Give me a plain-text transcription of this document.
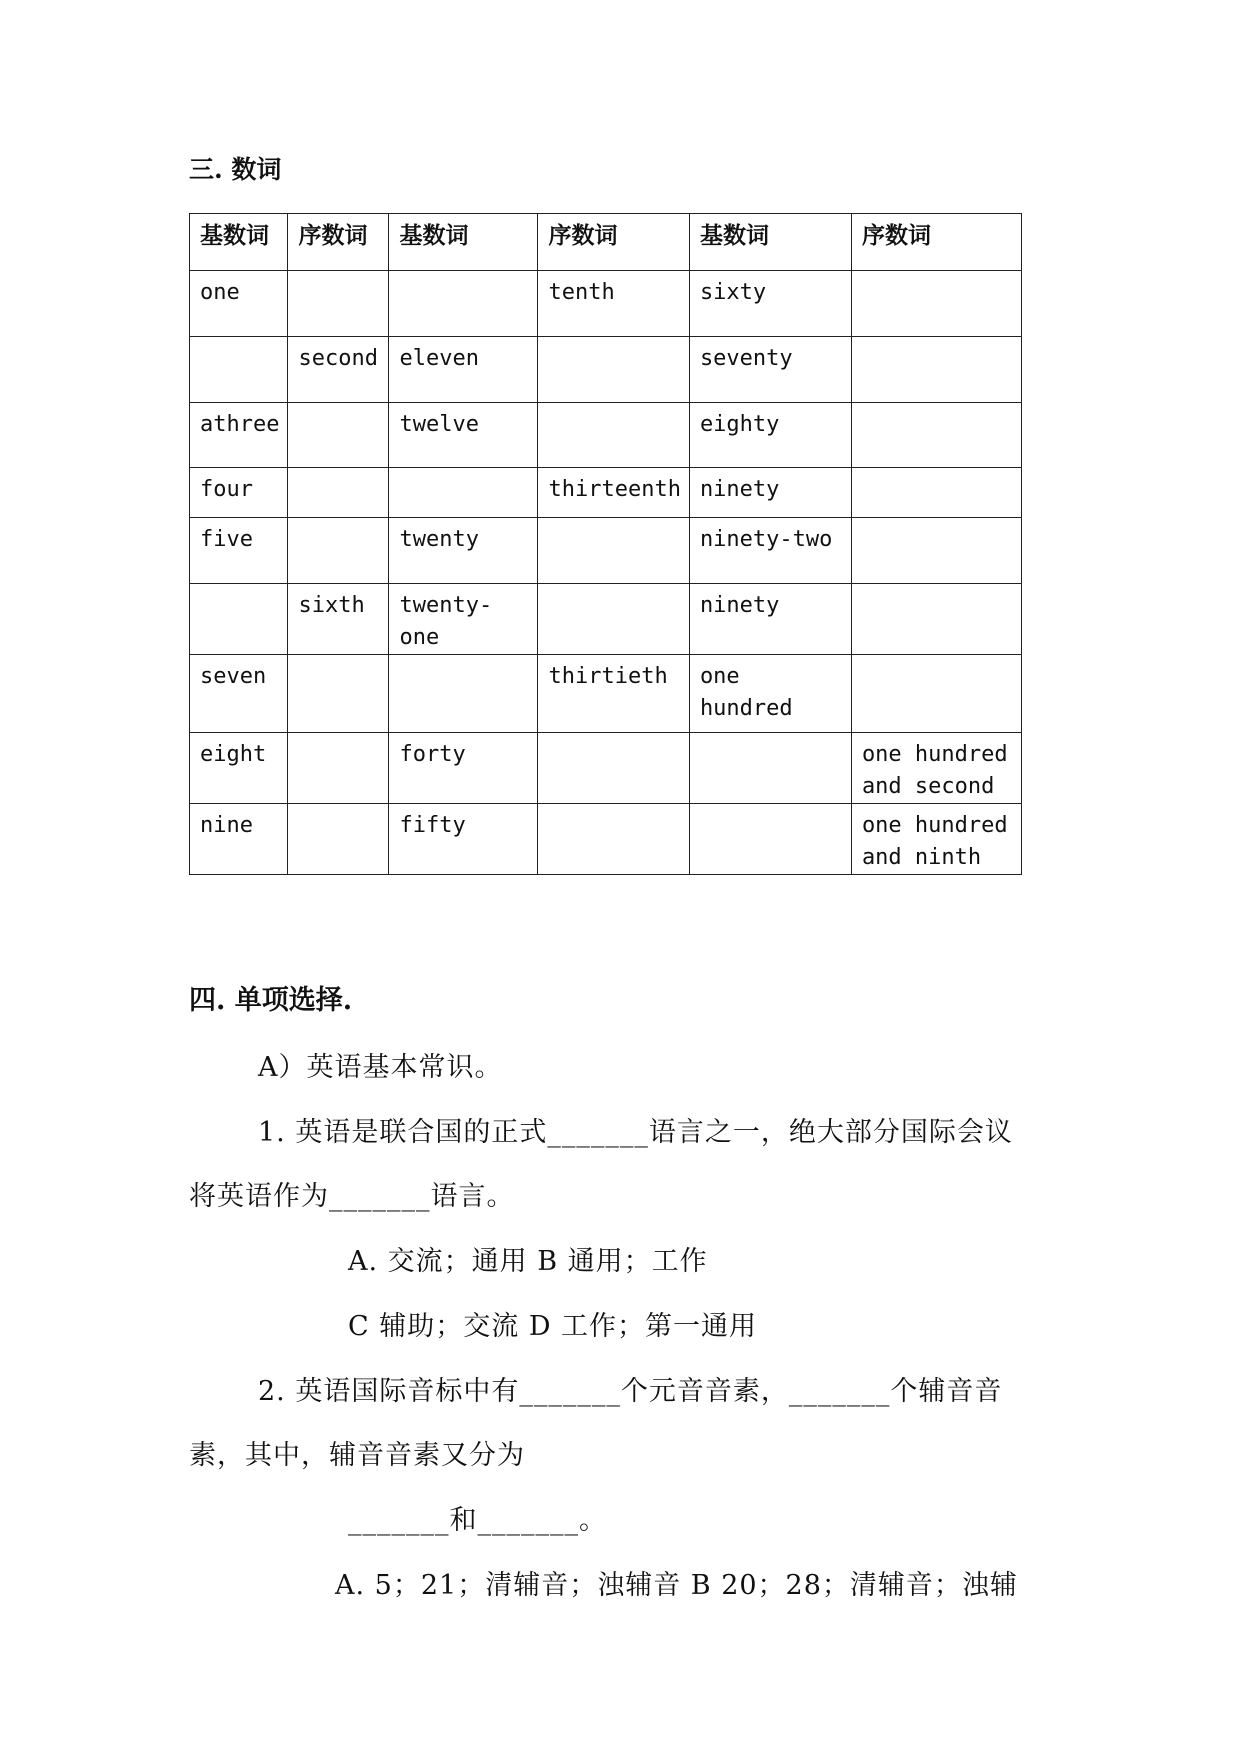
三. 数词
基数词	序数词	基数词	序数词	基数词	序数词
one			tenth	sixty	
	second	eleven		seventy	
athree		twelve		eighty	
four			thirteenth	ninety	
five		twenty		ninety-two	
	sixth	twenty-one		ninety	
seven			thirtieth	one hundred	
eight		forty			one hundred and second
nine		fifty			one hundred and ninth
四. 单项选择.
A）英语基本常识。
1. 英语是联合国的正式_______语言之一，绝大部分国际会议
将英语作为_______语言。
A. 交流；通用 B 通用；工作
C 辅助；交流 D 工作；第一通用
2. 英语国际音标中有_______个元音音素，_______个辅音音
素，其中，辅音音素又分为
_______和_______。
A. 5；21；清辅音；浊辅音 B 20；28；清辅音；浊辅
